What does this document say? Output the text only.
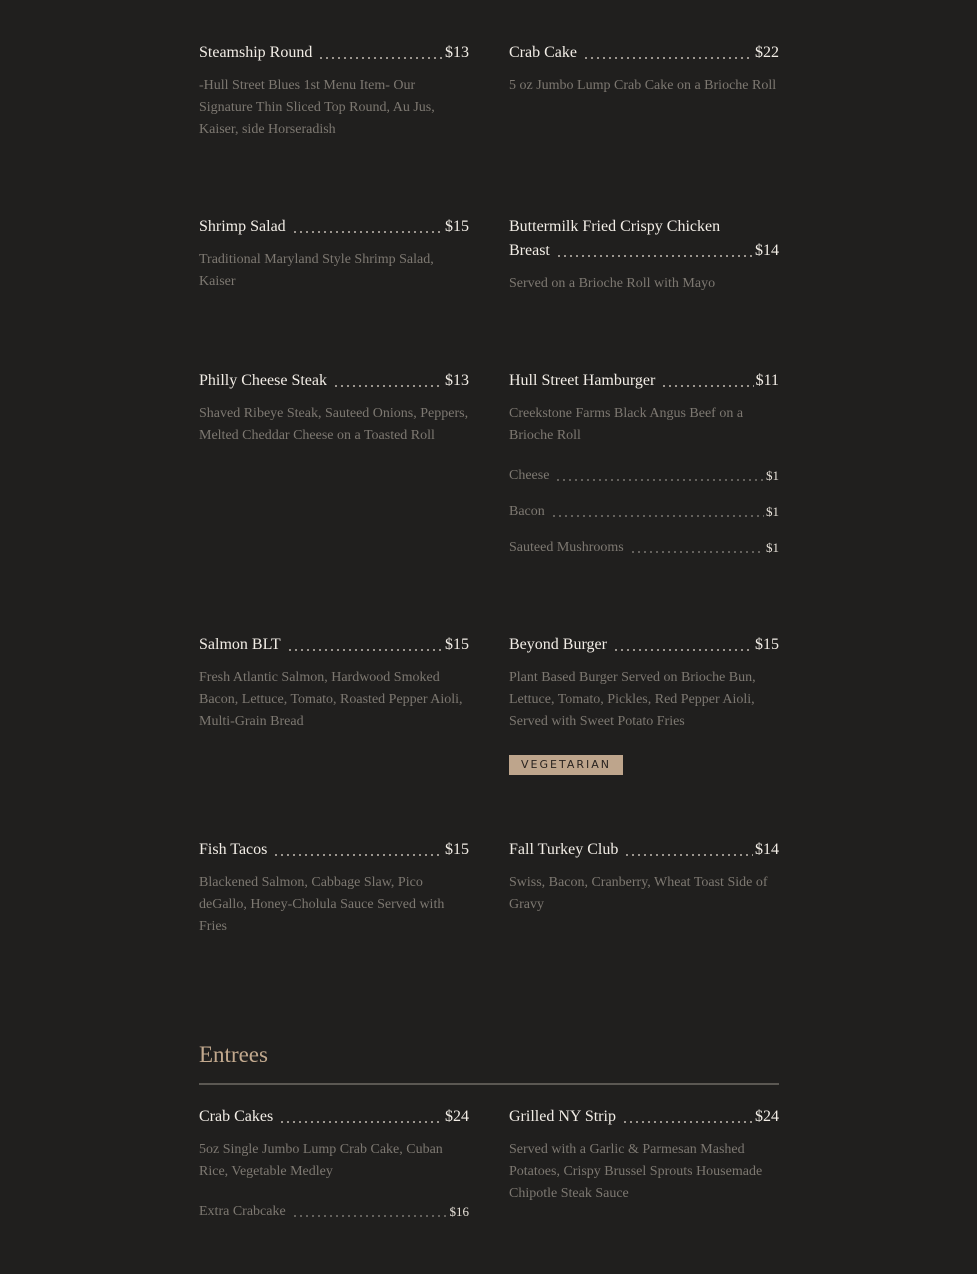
Steamship Round	$13
-Hull Street Blues 1st Menu Item- Our Signature Thin Sliced Top Round, Au Jus, Kaiser, side Horseradish
Crab Cake	$22
5 oz Jumbo Lump Crab Cake on a Brioche Roll
Shrimp Salad	$15
Traditional Maryland Style Shrimp Salad, Kaiser
Buttermilk Fried Crispy Chicken
Breast	$14
Served on a Brioche Roll with Mayo
Philly Cheese Steak	$13
Shaved Ribeye Steak, Sauteed Onions, Peppers, Melted Cheddar Cheese on a Toasted Roll
Hull Street Hamburger	$11
Creekstone Farms Black Angus Beef on a Brioche Roll
Cheese	$1
Bacon	$1
Sauteed Mushrooms	$1
Salmon BLT	$15
Fresh Atlantic Salmon, Hardwood Smoked Bacon, Lettuce, Tomato, Roasted Pepper Aioli, Multi-Grain Bread
Beyond Burger	$15
Plant Based Burger Served on Brioche Bun, Lettuce, Tomato, Pickles, Red Pepper Aioli, Served with Sweet Potato Fries
VEGETARIAN
Fish Tacos	$15
Blackened Salmon, Cabbage Slaw, Pico deGallo, Honey-Cholula Sauce Served with Fries
Fall Turkey Club	$14
Swiss, Bacon, Cranberry, Wheat Toast Side of Gravy
Entrees
Crab Cakes	$24
5oz Single Jumbo Lump Crab Cake, Cuban Rice, Vegetable Medley
Extra Crabcake	$16
Grilled NY Strip	$24
Served with a Garlic & Parmesan Mashed Potatoes, Crispy Brussel Sprouts Housemade Chipotle Steak Sauce
